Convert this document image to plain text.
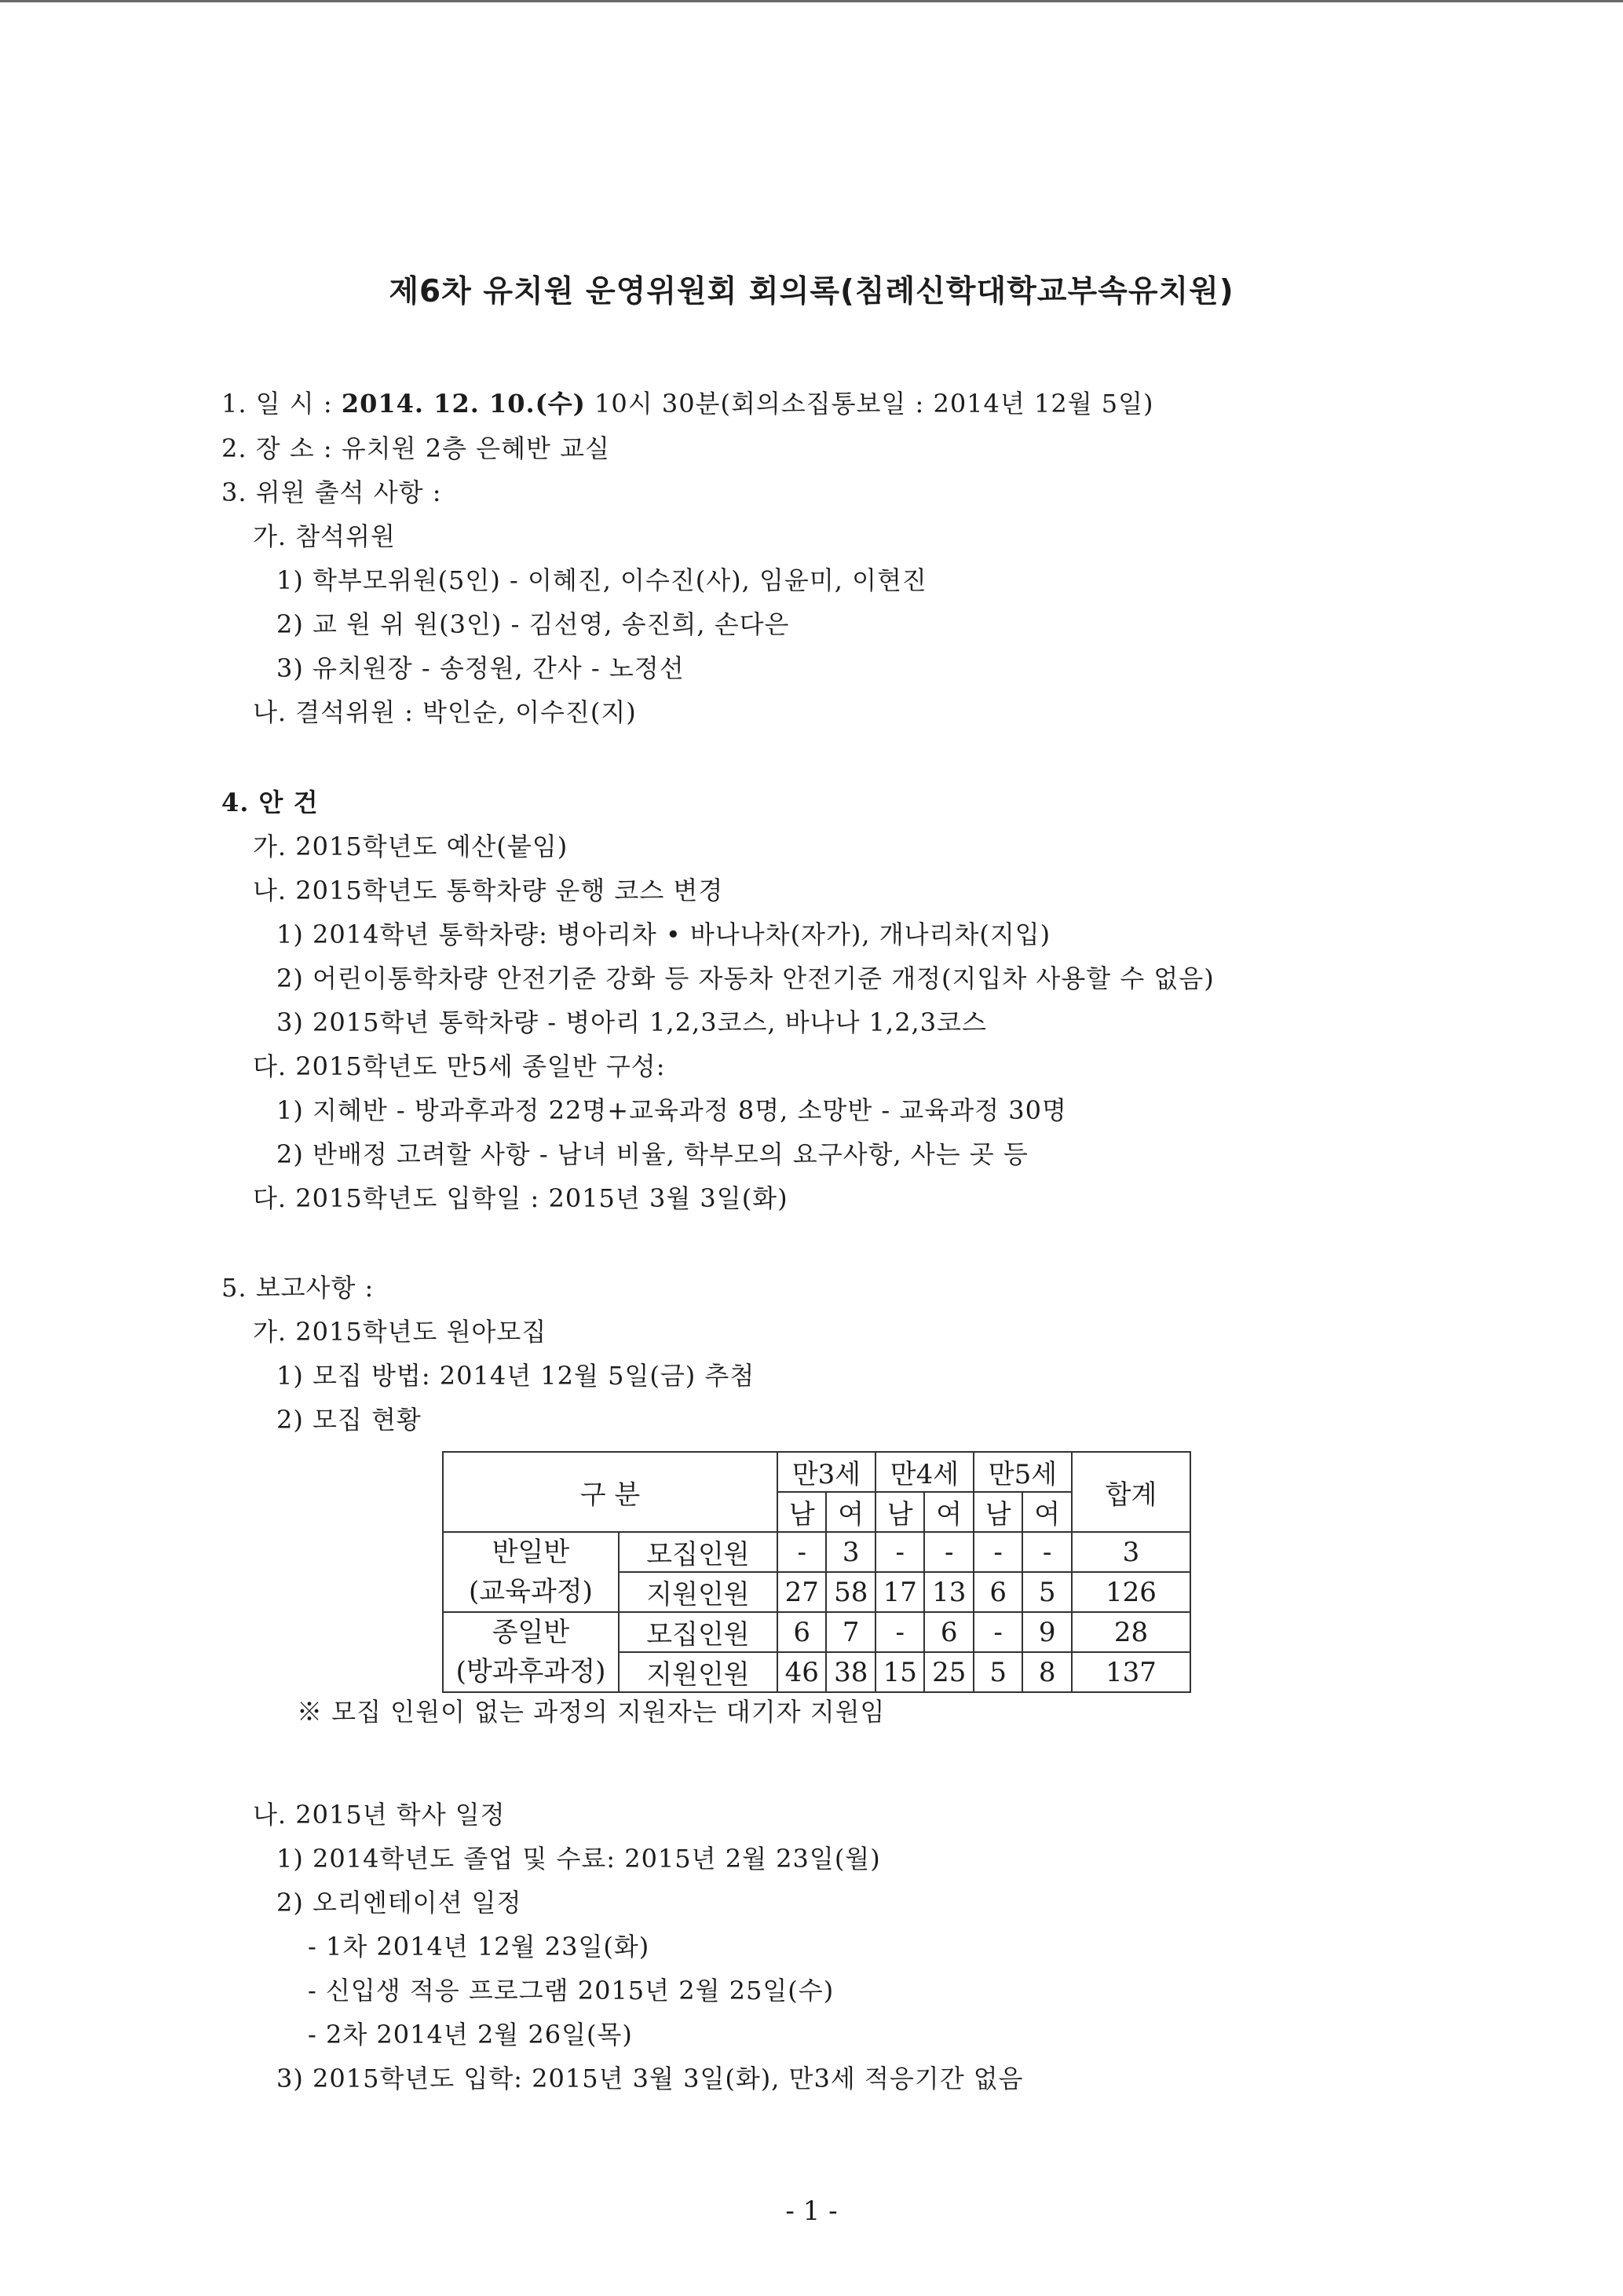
제6차 유치원 운영위원회 회의록(침례신학대학교부속유치원)
1. 일 시 : 2014. 12. 10.(수) 10시 30분(회의소집통보일 : 2014년 12월 5일)
2. 장 소 : 유치원 2층 은혜반 교실
3. 위원 출석 사항 :
가. 참석위원
1) 학부모위원(5인) - 이혜진, 이수진(사), 임윤미, 이현진
2) 교 원 위 원(3인) - 김선영, 송진희, 손다은
3) 유치원장 - 송정원, 간사 - 노정선
나. 결석위원 : 박인순, 이수진(지)
4. 안 건
가. 2015학년도 예산(붙임)
나. 2015학년도 통학차량 운행 코스 변경
1) 2014학년 통학차량: 병아리차 • 바나나차(자가), 개나리차(지입)
2) 어린이통학차량 안전기준 강화 등 자동차 안전기준 개정(지입차 사용할 수 없음)
3) 2015학년 통학차량 - 병아리 1,2,3코스, 바나나 1,2,3코스
다. 2015학년도 만5세 종일반 구성:
1) 지혜반 - 방과후과정 22명+교육과정 8명, 소망반 - 교육과정 30명
2) 반배정 고려할 사항 - 남녀 비율, 학부모의 요구사항, 사는 곳 등
다. 2015학년도 입학일 : 2015년 3월 3일(화)
5. 보고사항 :
가. 2015학년도 원아모집
1) 모집 방법: 2014년 12월 5일(금) 추첨
2) 모집 현황
구 분		만3세		만4세		만5세		합계
		남	여	남	여	남	여	
반일반
(교육과정)	모집인원	-	3	-	-	-	-	3
	지원인원	27	58	17	13	6	5	126
종일반
(방과후과정)	모집인원	6	7	-	6	-	9	28
	지원인원	46	38	15	25	5	8	137
※ 모집 인원이 없는 과정의 지원자는 대기자 지원임
나. 2015년 학사 일정
1) 2014학년도 졸업 및 수료: 2015년 2월 23일(월)
2) 오리엔테이션 일정
- 1차 2014년 12월 23일(화)
- 신입생 적응 프로그램 2015년 2월 25일(수)
- 2차 2014년 2월 26일(목)
3) 2015학년도 입학: 2015년 3월 3일(화), 만3세 적응기간 없음
- 1 -
